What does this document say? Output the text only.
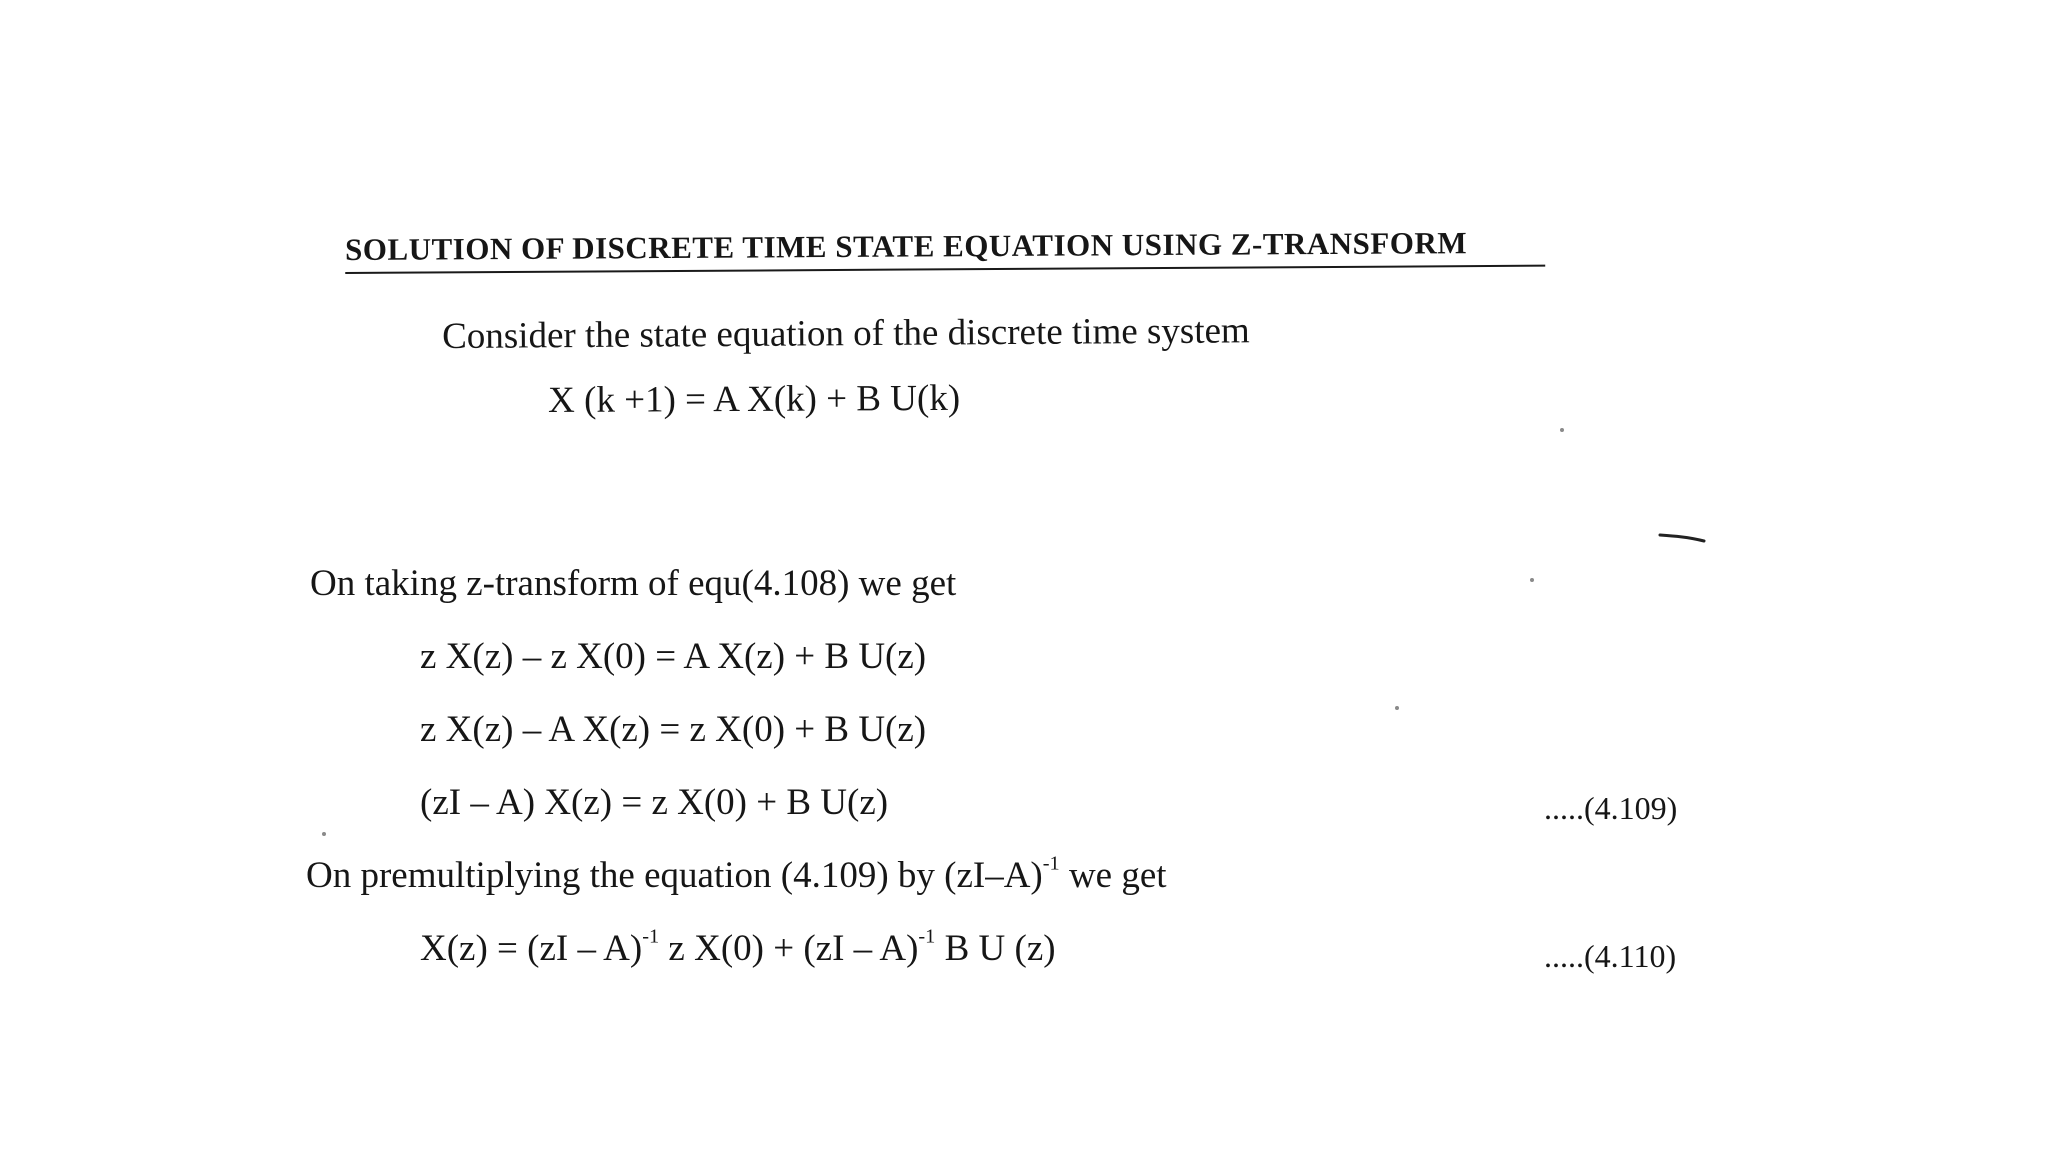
SOLUTION OF DISCRETE TIME STATE EQUATION USING Z-TRANSFORM
Consider the state equation of the discrete time system
X (k +1) = A X(k) + B U(k)
On taking z-transform of equ(4.108) we get
z X(z) – z X(0) = A X(z) + B U(z)
z X(z) – A X(z) = z X(0) + B U(z)
(zI – A) X(z) = z X(0) + B U(z)	.....(4.109)
On premultiplying the equation (4.109) by $(zI-A)^{-1}$ we get
X(z) = (zI – A)$^{-1}$ z X(0) + (zI – A)$^{-1}$ B U (z)	.....(4.110)
